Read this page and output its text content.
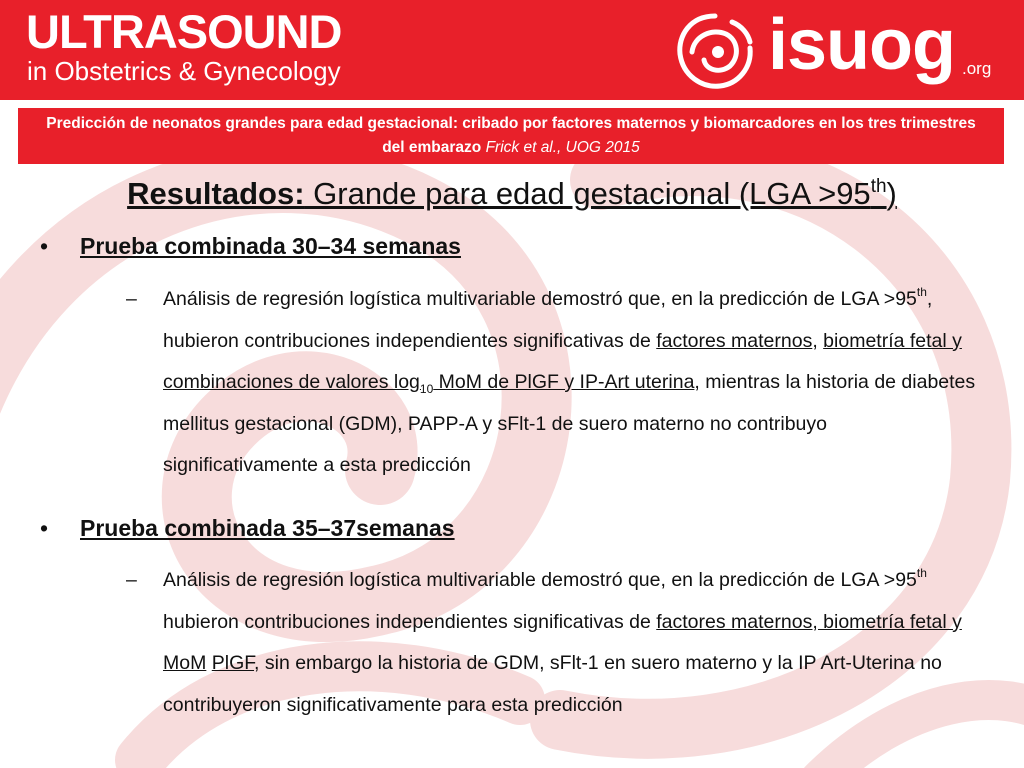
ULTRASOUND
in Obstetrics & Gynecology	isuog .org
Predicción de neonatos grandes para edad gestacional: cribado por factores maternos y biomarcadores en los tres trimestres del embarazo Frick et al., UOG 2015
Resultados: Grande para edad gestacional (LGA >95th)
• Prueba combinada 30–34 semanas
– Análisis de regresión logística multivariable demostró que, en la predicción de LGA >95th, hubieron contribuciones independientes significativas de factores maternos, biometría fetal y combinaciones de valores $\log_{10}$ MoM de PlGF y IP-Art uterina, mientras la historia de diabetes mellitus gestacional (GDM), PAPP-A y sFlt-1 de suero materno no contribuyo significativamente a esta predicción
• Prueba combinada 35–37semanas
– Análisis de regresión logística multivariable demostró que, en la predicción de LGA >95th hubieron contribuciones independientes significativas de factores maternos, biometría fetal y MoM PlGF, sin embargo la historia de GDM, sFlt-1 en suero materno y la IP Art-Uterina no contribuyeron significativamente para esta predicción
